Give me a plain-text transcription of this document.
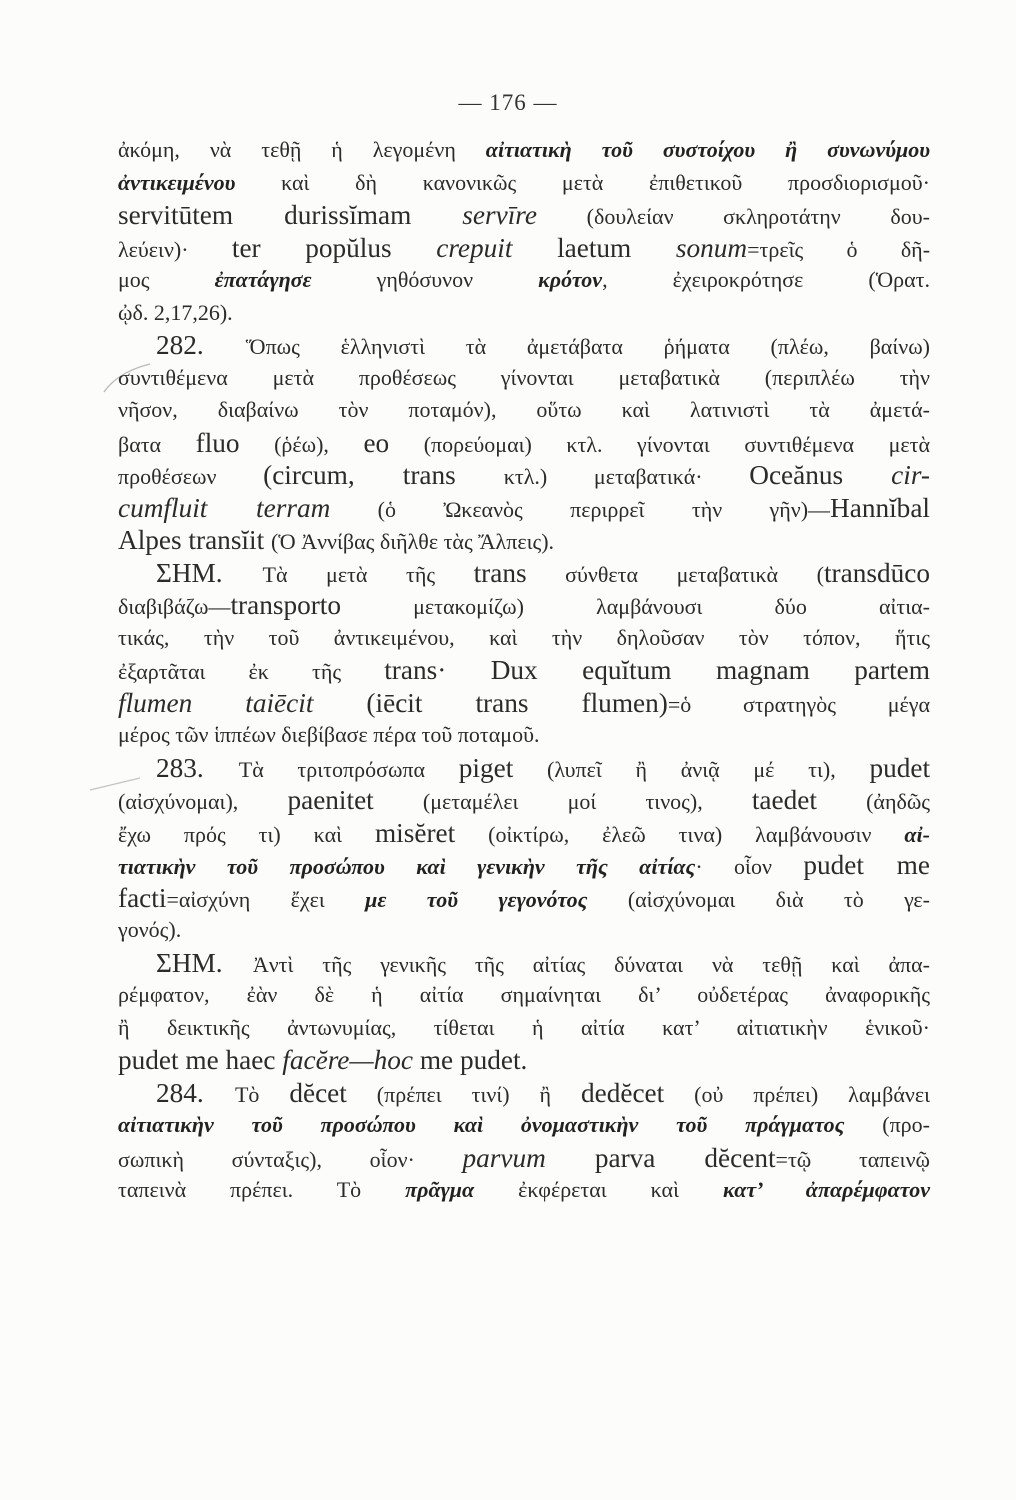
— 176 —
ἀκόμη, νὰ τεθῇ ἡ λεγομένη αἰτιατικὴ τοῦ συστοίχου ἢ συνωνύμου
ἀντικειμένου καὶ δὴ κανονικῶς μετὰ ἐπιθετικοῦ προσδιορισμοῦ·
servitūtem durissĭmam servīre (δουλείαν σκληροτάτην δου-
λεύειν)· ter popŭlus crepuit laetum sonum=τρεῖς ὁ δῆ-
μος ἐπατάγησε γηθόσυνον κρότον, ἐχειροκρότησε (Ὁρατ.
ᾠδ. 2,17,26).
282. Ὅπως ἑλληνιστὶ τὰ ἀμετάβατα ῥήματα (πλέω, βαίνω)
συντιθέμενα μετὰ προθέσεως γίνονται μεταβατικὰ (περιπλέω τὴν
νῆσον, διαβαίνω τὸν ποταμόν), οὕτω καὶ λατινιστὶ τὰ ἀμετά-
βατα fluo (ῥέω), eo (πορεύομαι) κτλ. γίνονται συντιθέμενα μετὰ
προθέσεων (circum, trans κτλ.) μεταβατικά· Oceănus cir-
cumfluit terram (ὁ Ὠκεανὸς περιρρεῖ τὴν γῆν)—Hannĭbal
Alpes transĭit (Ὁ Ἀννίβας διῆλθε τὰς Ἄλπεις).
ΣΗΜ. Τὰ μετὰ τῆς trans σύνθετα μεταβατικὰ (transdūco
διαβιβάζω—transporto μετακομίζω) λαμβάνουσι δύο αἰτια-
τικάς, τὴν τοῦ ἀντικειμένου, καὶ τὴν δηλοῦσαν τὸν τόπον, ἥτις
ἐξαρτᾶται ἐκ τῆς trans· Dux equĭtum magnam partem
flumen taiēcit (iēcit trans flumen)=ὁ στρατηγὸς μέγα
μέρος τῶν ἱππέων διεβίβασε πέρα τοῦ ποταμοῦ.
283. Τὰ τριτοπρόσωπα piget (λυπεῖ ἢ ἀνιᾷ μέ τι), pudet
(αἰσχύνομαι), paenitet (μεταμέλει μοί τινος), taedet (ἀηδῶς
ἔχω πρός τι) καὶ misĕret (οἰκτίρω, ἐλεῶ τινα) λαμβάνουσιν αἰ-
τιατικὴν τοῦ προσώπου καὶ γενικὴν τῆς αἰτίας· οἷον pudet me
facti=αἰσχύνη ἔχει με τοῦ γεγονότος (αἰσχύνομαι διὰ τὸ γε-
γονός).
ΣΗΜ. Ἀντὶ τῆς γενικῆς τῆς αἰτίας δύναται νὰ τεθῇ καὶ ἀπα-
ρέμφατον, ἐὰν δὲ ἡ αἰτία σημαίνηται δι’ οὐδετέρας ἀναφορικῆς
ἢ δεικτικῆς ἀντωνυμίας, τίθεται ἡ αἰτία κατ’ αἰτιατικὴν ἑνικοῦ·
pudet me haec facĕre—hoc me pudet.
284. Τὸ dĕcet (πρέπει τινί) ἢ dedĕcet (οὐ πρέπει) λαμβάνει
αἰτιατικὴν τοῦ προσώπου καὶ ὀνομαστικὴν τοῦ πράγματος (προ-
σωπικὴ σύνταξις), οἷον· parvum parva dĕcent=τῷ ταπεινῷ
ταπεινὰ πρέπει. Τὸ πρᾶγμα ἐκφέρεται καὶ κατ’ ἀπαρέμφατον
